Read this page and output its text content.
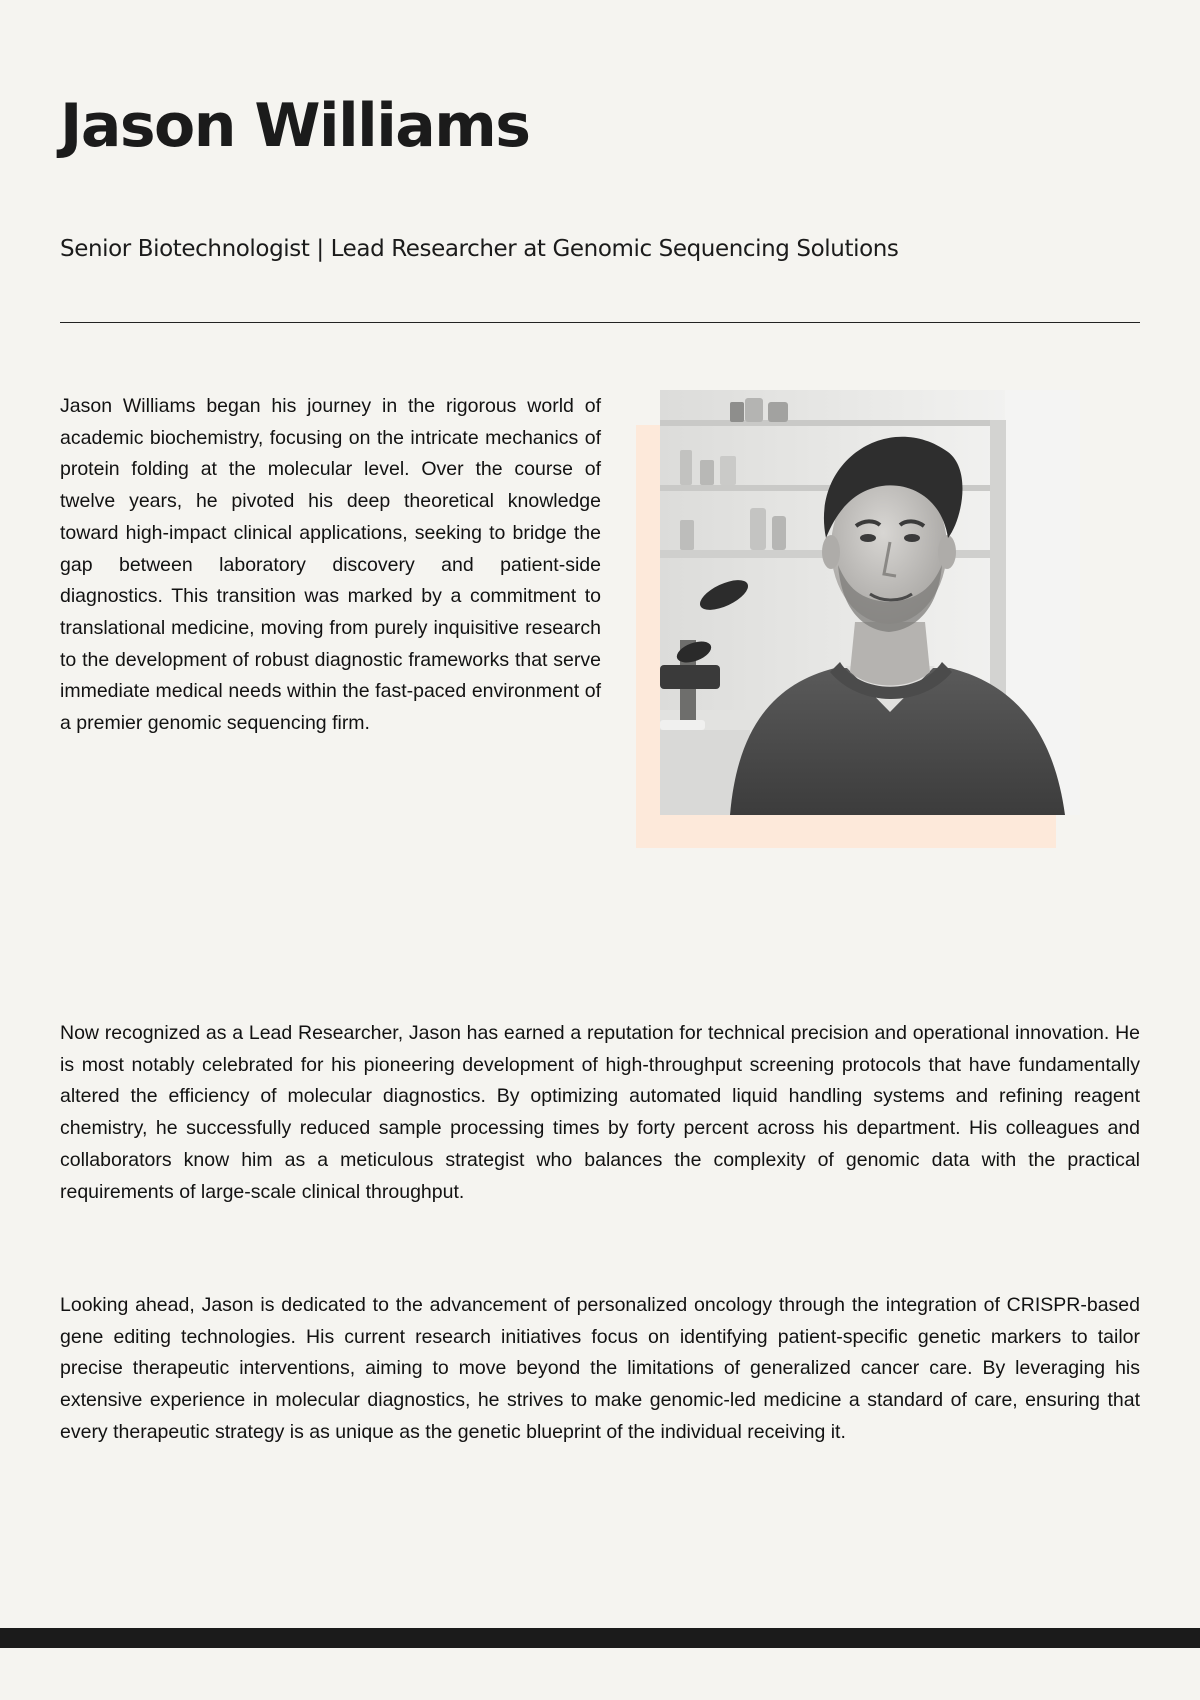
Jason Williams
Senior Biotechnologist | Lead Researcher at Genomic Sequencing Solutions

Jason Williams began his journey in the rigorous world of academic biochemistry, focusing on the intricate mechanics of protein folding at the molecular level. Over the course of twelve years, he pivoted his deep theoretical knowledge toward high-impact clinical applications, seeking to bridge the gap between laboratory discovery and patient-side diagnostics. This transition was marked by a commitment to translational medicine, moving from purely inquisitive research to the development of robust diagnostic frameworks that serve immediate medical needs within the fast-paced environment of a premier genomic sequencing firm.

Now recognized as a Lead Researcher, Jason has earned a reputation for technical precision and operational innovation. He is most notably celebrated for his pioneering development of high-throughput screening protocols that have fundamentally altered the efficiency of molecular diagnostics. By optimizing automated liquid handling systems and refining reagent chemistry, he successfully reduced sample processing times by forty percent across his department. His colleagues and collaborators know him as a meticulous strategist who balances the complexity of genomic data with the practical requirements of large-scale clinical throughput.

Looking ahead, Jason is dedicated to the advancement of personalized oncology through the integration of CRISPR-based gene editing technologies. His current research initiatives focus on identifying patient-specific genetic markers to tailor precise therapeutic interventions, aiming to move beyond the limitations of generalized cancer care. By leveraging his extensive experience in molecular diagnostics, he strives to make genomic-led medicine a standard of care, ensuring that every therapeutic strategy is as unique as the genetic blueprint of the individual receiving it.
